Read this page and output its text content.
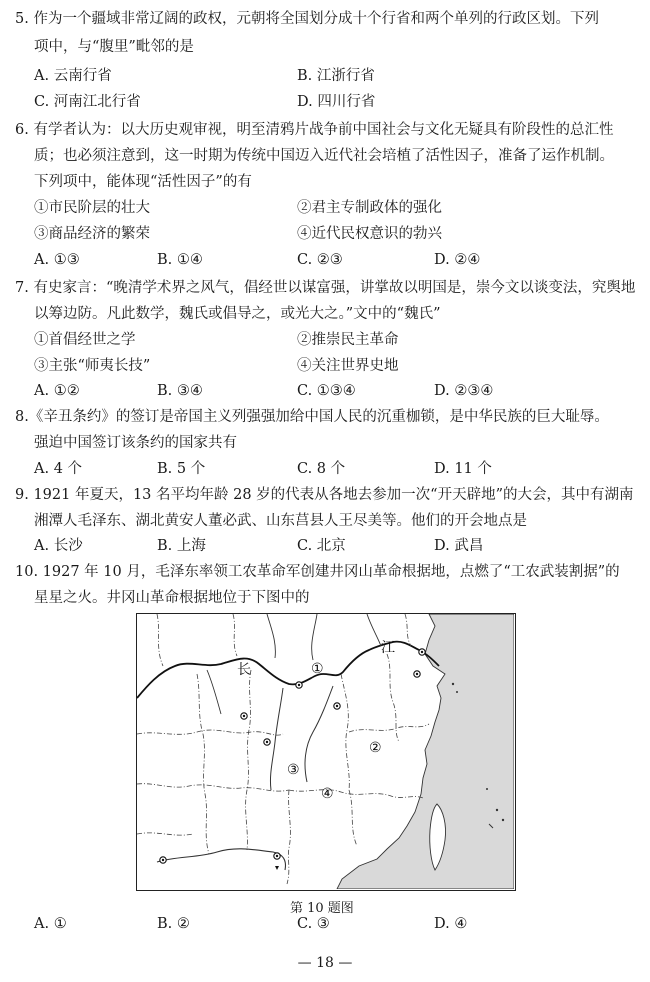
5. 作为一个疆域非常辽阔的政权，元朝将全国划分成十个行省和两个单列的行政区划。下列
项中，与“腹里”毗邻的是
A. 云南行省	B. 江浙行省
C. 河南江北行省	D. 四川行省
6. 有学者认为：以大历史观审视，明至清鸦片战争前中国社会与文化无疑具有阶段性的总汇性
质；也必须注意到，这一时期为传统中国迈入近代社会培植了活性因子，准备了运作机制。
下列项中，能体现“活性因子”的有
①市民阶层的壮大	②君主专制政体的强化
③商品经济的繁荣	④近代民权意识的勃兴
A. ①③	B. ①④	C. ②③	D. ②④
7. 有史家言：“晚清学术界之风气，倡经世以谋富强，讲掌故以明国是，崇今文以谈变法，究舆地
以筹边防。凡此数学，魏氏或倡导之，或光大之。”文中的“魏氏”
①首倡经世之学	②推崇民主革命
③主张“师夷长技”	④关注世界史地
A. ①②	B. ③④	C. ①③④	D. ②③④
8.《辛丑条约》的签订是帝国主义列强强加给中国人民的沉重枷锁，是中华民族的巨大耻辱。
强迫中国签订该条约的国家共有
A. 4 个	B. 5 个	C. 8 个	D. 11 个
9. 1921 年夏天，13 名平均年龄 28 岁的代表从各地去参加一次“开天辟地”的大会，其中有湖南
湘潭人毛泽东、湖北黄安人董必武、山东莒县人王尽美等。他们的开会地点是
A. 长沙	B. 上海	C. 北京	D. 武昌
10. 1927 年 10 月，毛泽东率领工农革命军创建井冈山革命根据地，点燃了“工农武装割据”的
星星之火。井冈山革命根据地位于下图中的
长
江
①
②
③
④
第 10 题图
A. ①	B. ②	C. ③	D. ④
— 18 —
